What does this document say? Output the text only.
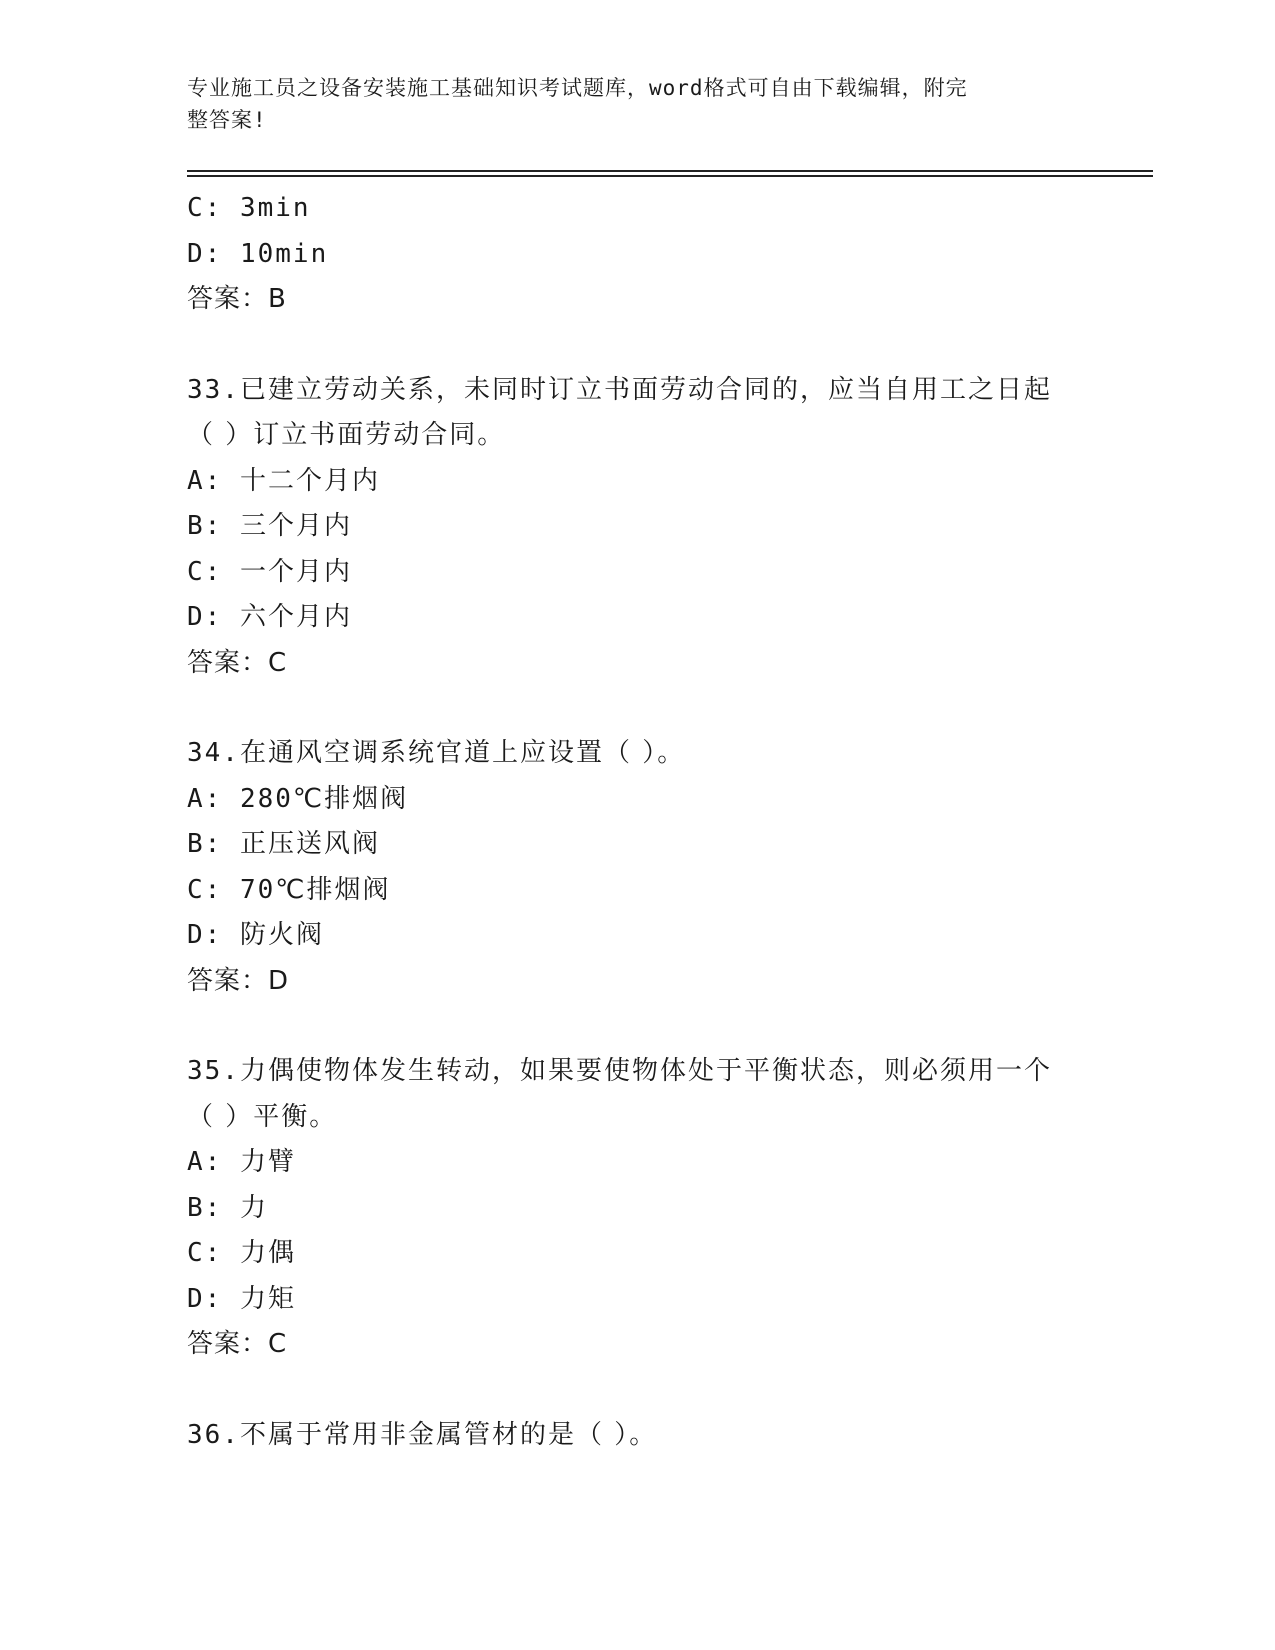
专业施工员之设备安装施工基础知识考试题库，word格式可自由下载编辑，附完
整答案!
C: 3min
D: 10min
答案：B
33.已建立劳动关系，未同时订立书面劳动合同的，应当自用工之日起
（ ）订立书面劳动合同。
A: 十二个月内
B: 三个月内
C: 一个月内
D: 六个月内
答案：C
34.在通风空调系统官道上应设置（ ）。
A: 280℃排烟阀
B: 正压送风阀
C: 70℃排烟阀
D: 防火阀
答案：D
35.力偶使物体发生转动，如果要使物体处于平衡状态，则必须用一个
（ ）平衡。
A: 力臂
B: 力
C: 力偶
D: 力矩
答案：C
36.不属于常用非金属管材的是（ ）。
